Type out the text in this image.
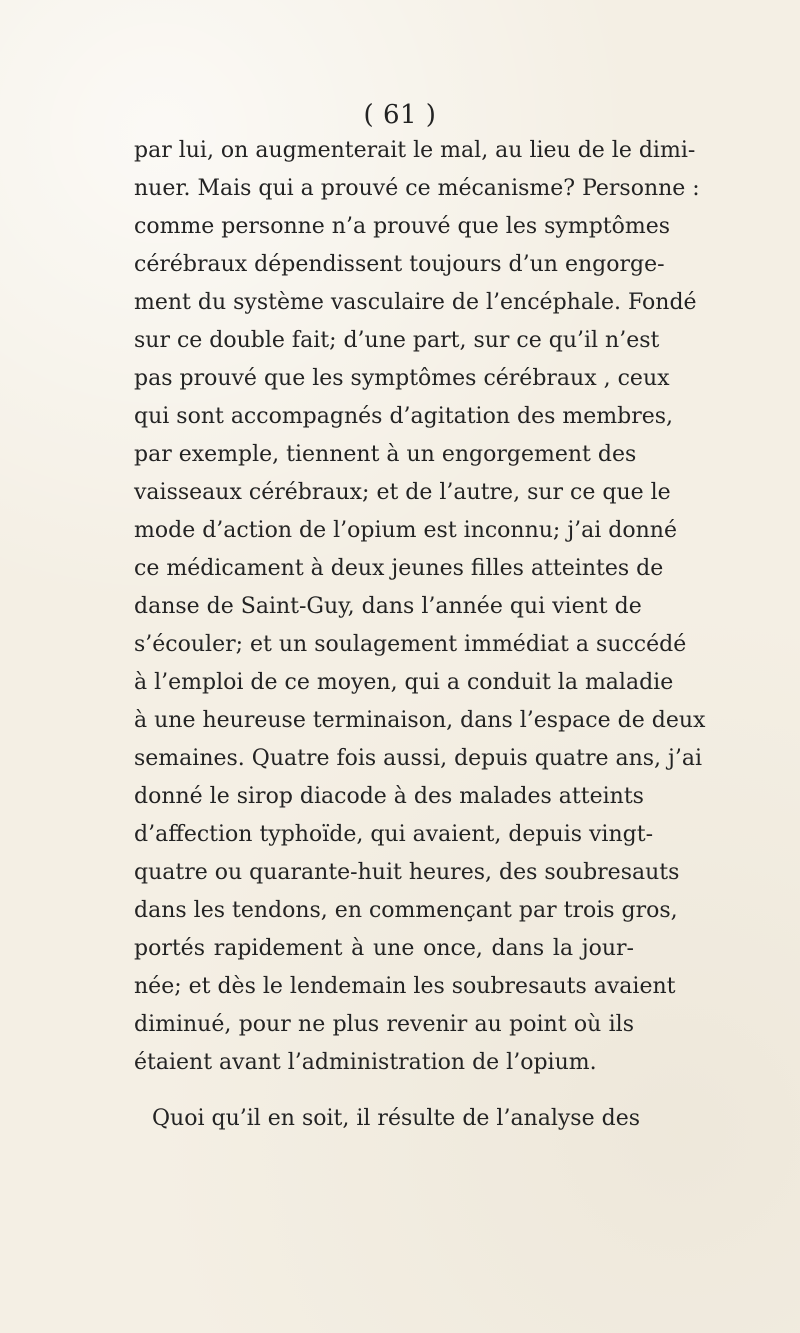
( 61 )
par lui, on augmenterait le mal, au lieu de le dimi-
nuer. Mais qui a prouvé ce mécanisme? Personne :
comme personne n’a prouvé que les symptômes
cérébraux dépendissent toujours d’un engorge-
ment du système vasculaire de l’encéphale. Fondé
sur ce double fait; d’une part, sur ce qu’il n’est
pas prouvé que les symptômes cérébraux , ceux
qui sont accompagnés d’agitation des membres,
par exemple, tiennent à un engorgement des
vaisseaux cérébraux; et de l’autre, sur ce que le
mode d’action de l’opium est inconnu; j’ai donné
ce médicament à deux jeunes filles atteintes de
danse de Saint-Guy, dans l’année qui vient de
s’écouler; et un soulagement immédiat a succédé
à l’emploi de ce moyen, qui a conduit la maladie
à une heureuse terminaison, dans l’espace de deux
semaines. Quatre fois aussi, depuis quatre ans, j’ai
donné le sirop diacode à des malades atteints
d’affection typhoïde, qui avaient, depuis vingt-
quatre ou quarante-huit heures, des soubresauts
dans les tendons, en commençant par trois gros,
portés rapidement à une once, dans la jour-
née; et dès le lendemain les soubresauts avaient
diminué, pour ne plus revenir au point où ils
étaient avant l’administration de l’opium.
Quoi qu’il en soit, il résulte de l’analyse des
